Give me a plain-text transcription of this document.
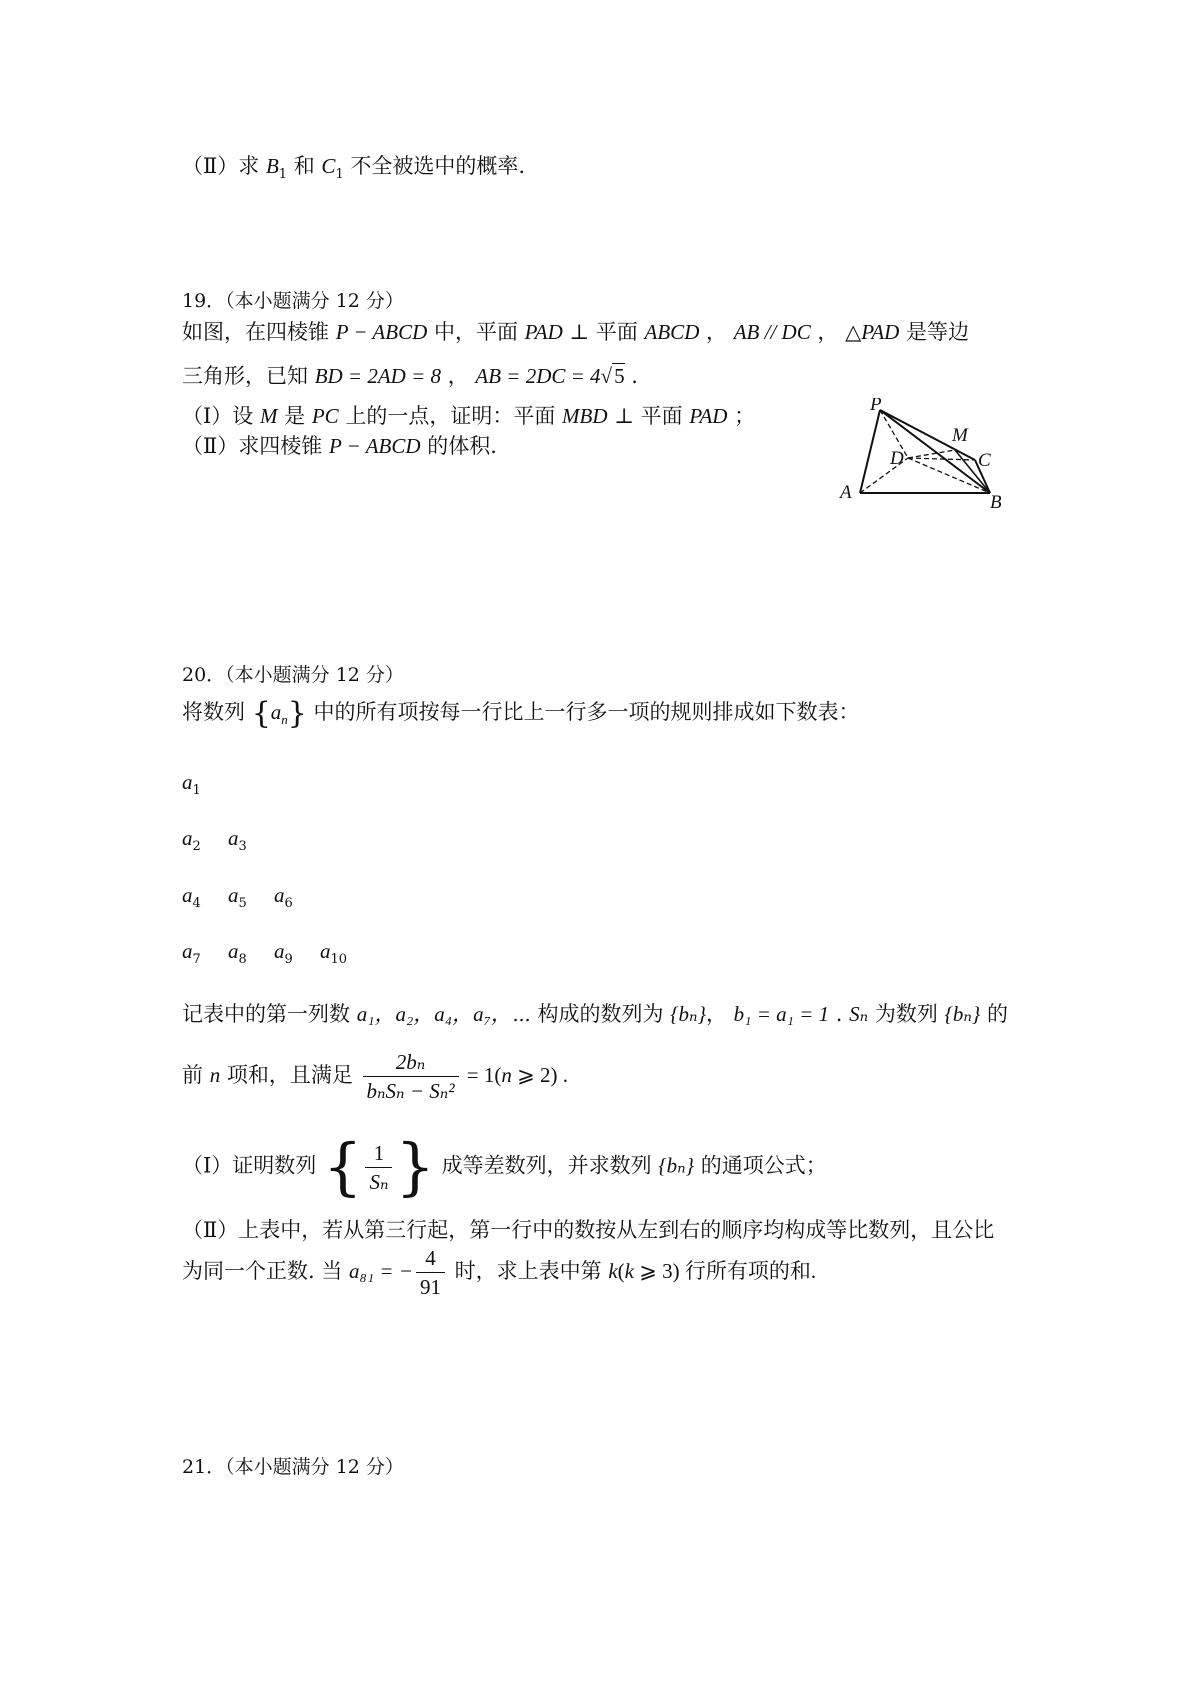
（Ⅱ）求 $B_1$ 和 $C_1$ 不全被选中的概率.
19．（本小题满分 12 分）
如图，在四棱锥 P − ABCD 中，平面 PAD ⊥ 平面 ABCD ， AB // DC ， △PAD 是等边
三角形，已知 BD = 2AD = 8 ， AB = 2DC = 4√5 .
（Ⅰ）设 M 是 PC 上的一点，证明：平面 MBD ⊥ 平面 PAD ；
（Ⅱ）求四棱锥 P − ABCD 的体积.
P
M
D	C
A	B
20．（本小题满分 12 分）
将数列 $\{a_n\}$ 中的所有项按每一行比上一行多一项的规则排成如下数表：
$a_1$
$a_2$ $a_3$
$a_4$ $a_5$ $a_6$
$a_7$ $a_8$ $a_9$ $a_{10}$
记表中的第一列数 a₁，a₂，a₄，a₇，⋯ 构成的数列为 {bₙ}， b₁ = a₁ = 1 . Sₙ 为数列 {bₙ} 的
前 n 项和，且满足 $\frac{\text{2bₙ}}{\text{bₙSₙ − Sₙ²}} = 1(n$ ⩾ 2) .
（Ⅰ）证明数列 { $\frac{1}{\text{Sₙ}}$ } 成等差数列，并求数列 {bₙ} 的通项公式；
（Ⅱ）上表中，若从第三行起，第一行中的数按从左到右的顺序均构成等比数列，且公比
为同一个正数. 当 a₈₁ = − $\frac{4}{91}$ 时，求上表中第 k(k ⩾ 3) 行所有项的和.
21．（本小题满分 12 分）
